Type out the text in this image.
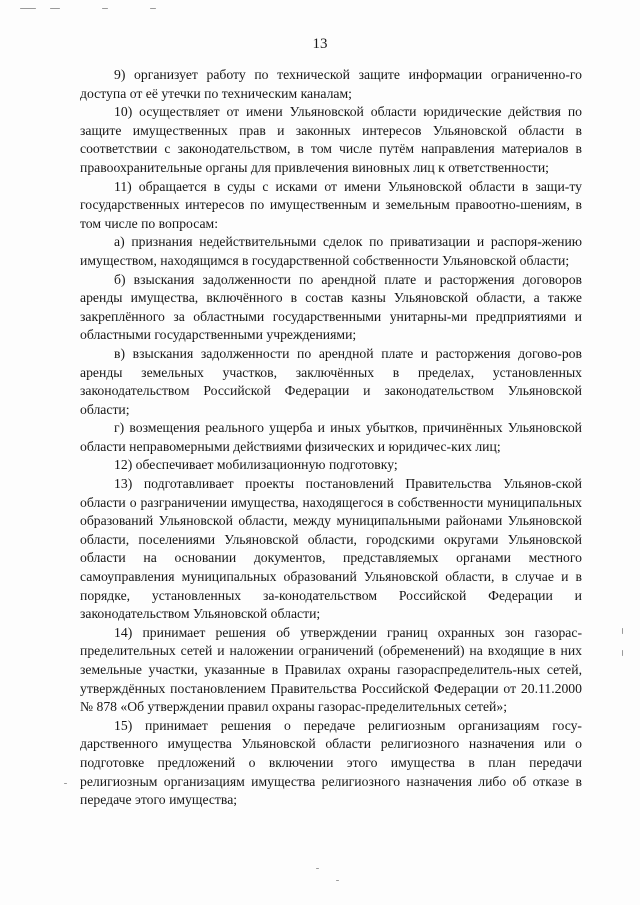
13

9) организует работу по технической защите информации ограниченно-го доступа от её утечки по техническим каналам;

10) осуществляет от имени Ульяновской области юридические действия по защите имущественных прав и законных интересов Ульяновской области в соответствии с законодательством, в том числе путём направления материалов в правоохранительные органы для привлечения виновных лиц к ответственности;

11) обращается в суды с исками от имени Ульяновской области в защи-ту государственных интересов по имущественным и земельным правоотно-шениям, в том числе по вопросам:

а) признания недействительными сделок по приватизации и распоря-жению имуществом, находящимся в государственной собственности Ульяновской области;

б) взыскания задолженности по арендной плате и расторжения договоров аренды имущества, включённого в состав казны Ульяновской области, а также закреплённого за областными государственными унитарны-ми предприятиями и областными государственными учреждениями;

в) взыскания задолженности по арендной плате и расторжения догово-ров аренды земельных участков, заключённых в пределах, установленных законодательством Российской Федерации и законодательством Ульяновской области;

г) возмещения реального ущерба и иных убытков, причинённых Ульяновской области неправомерными действиями физических и юридичес-ких лиц;

12) обеспечивает мобилизационную подготовку;

13) подготавливает проекты постановлений Правительства Ульянов-ской области о разграничении имущества, находящегося в собственности муниципальных образований Ульяновской области, между муниципальными районами Ульяновской области, поселениями Ульяновской области, городскими округами Ульяновской области на основании документов, представляемых органами местного самоуправления муниципальных образований Ульяновской области, в случае и в порядке, установленных за-конодательством Российской Федерации и законодательством Ульяновской области;

14) принимает решения об утверждении границ охранных зон газорас-пределительных сетей и наложении ограничений (обременений) на входящие в них земельные участки, указанные в Правилах охраны газораспределитель-ных сетей, утверждённых постановлением Правительства Российской Федерации от 20.11.2000 № 878 «Об утверждении правил охраны газорас-пределительных сетей»;

15) принимает решения о передаче религиозным организациям госу-дарственного имущества Ульяновской области религиозного назначения или о подготовке предложений о включении этого имущества в план передачи религиозным организациям имущества религиозного назначения либо об отказе в передаче этого имущества;
